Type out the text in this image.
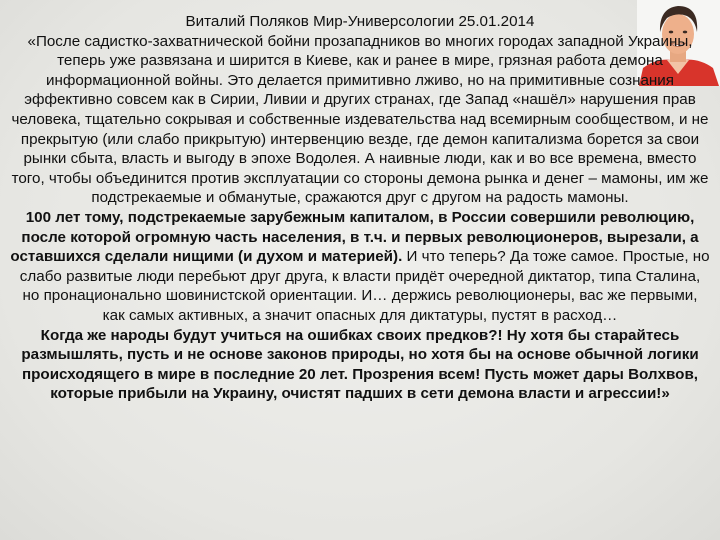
Виталий Поляков Мир-Универсологии 25.01.2014

«После садистко-захватнической бойни прозападников во многих городах западной Украины, теперь уже развязана и ширится в Киеве, как и ранее в мире, грязная работа демона информационной войны. Это делается примитивно лживо, но на примитивные сознания эффективно совсем как в Сирии, Ливии и других странах, где Запад «нашёл» нарушения прав человека, тщательно сокрывая и собственные издевательства над всемирным сообществом, и не прекрытую (или слабо прикрытую) интервенцию везде, где демон капитализма борется за свои рынки сбыта, власть и выгоду в эпохе Водолея. А наивные люди, как и во все времена, вместо того, чтобы объединится против эксплуатации со стороны демона рынка и денег – мамоны, им же подстрекаемые и обманутые, сражаются друг с другом на радость мамоны.

100 лет тому, подстрекаемые зарубежным капиталом, в России совершили революцию, после которой огромную часть населения, в т.ч. и первых революционеров, вырезали, а оставшихся сделали нищими (и духом и материей). И что теперь? Да тоже самое. Простые, но слабо развитые люди перебьют друг друга, к власти придёт очередной диктатор, типа Сталина, но пронационально шовинистской ориентации. И… держись революционеры, вас же первыми, как самых активных, а значит опасных для диктатуры, пустят в расход…

Когда же народы будут учиться на ошибках своих предков?! Ну хотя бы старайтесь размышлять, пусть и не основе законов природы, но хотя бы на основе обычной логики происходящего в мире в последние 20 лет. Прозрения всем! Пусть может дары Волхвов, которые прибыли на Украину, очистят падших в сети демона власти и агрессии!»
